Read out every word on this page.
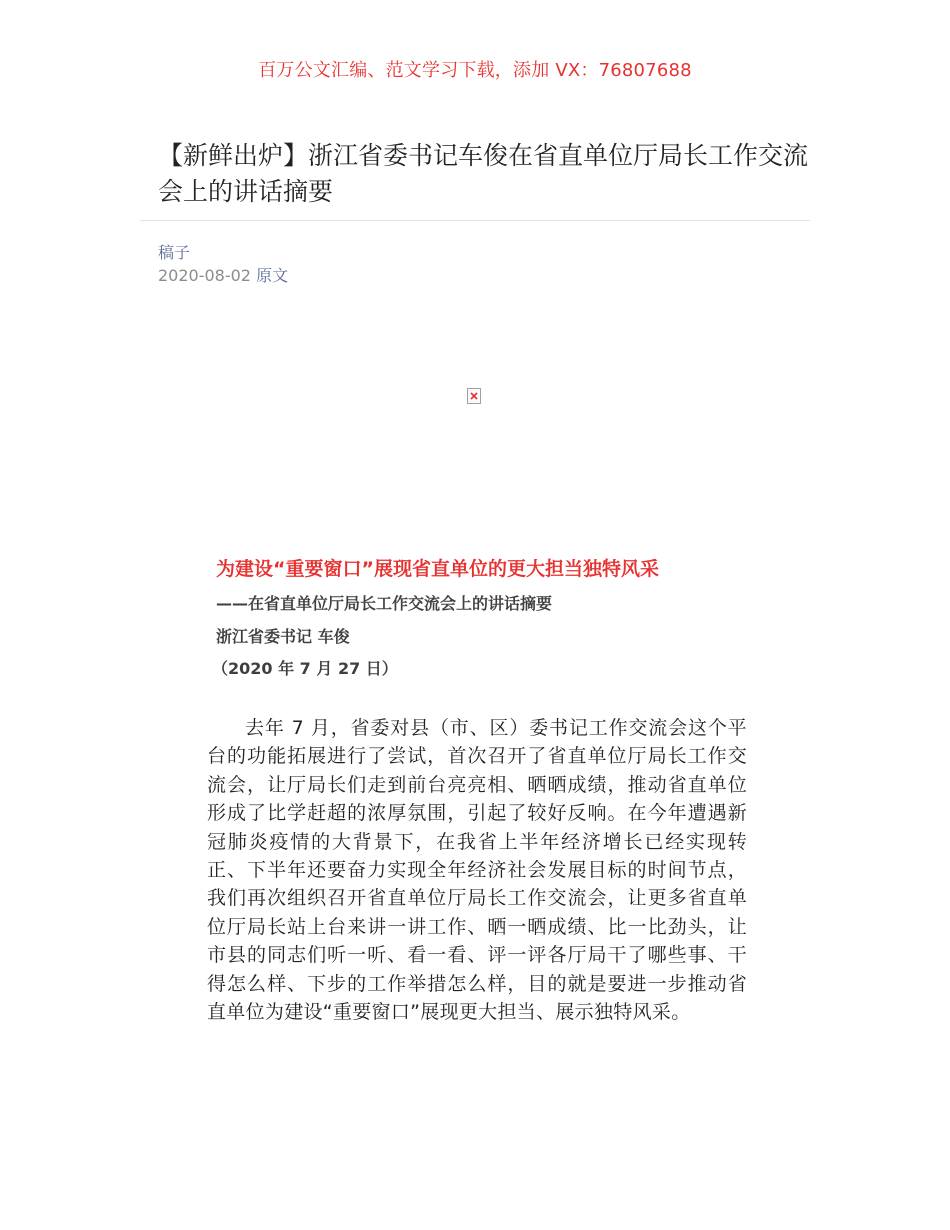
百万公文汇编、范文学习下载，添加 VX：76807688
【新鲜出炉】浙江省委书记车俊在省直单位厅局长工作交流会上的讲话摘要
稿子
2020-08-02 原文
为建设“重要窗口”展现省直单位的更大担当独特风采
——在省直单位厅局长工作交流会上的讲话摘要
浙江省委书记 车俊
（2020 年 7 月 27 日）

去年 7 月，省委对县（市、区）委书记工作交流会这个平台的功能拓展进行了尝试，首次召开了省直单位厅局长工作交流会，让厅局长们走到前台亮亮相、晒晒成绩，推动省直单位形成了比学赶超的浓厚氛围，引起了较好反响。在今年遭遇新冠肺炎疫情的大背景下，在我省上半年经济增长已经实现转正、下半年还要奋力实现全年经济社会发展目标的时间节点，我们再次组织召开省直单位厅局长工作交流会，让更多省直单位厅局长站上台来讲一讲工作、晒一晒成绩、比一比劲头，让市县的同志们听一听、看一看、评一评各厅局干了哪些事、干得怎么样、下步的工作举措怎么样，目的就是要进一步推动省直单位为建设“重要窗口”展现更大担当、展示独特风采。
